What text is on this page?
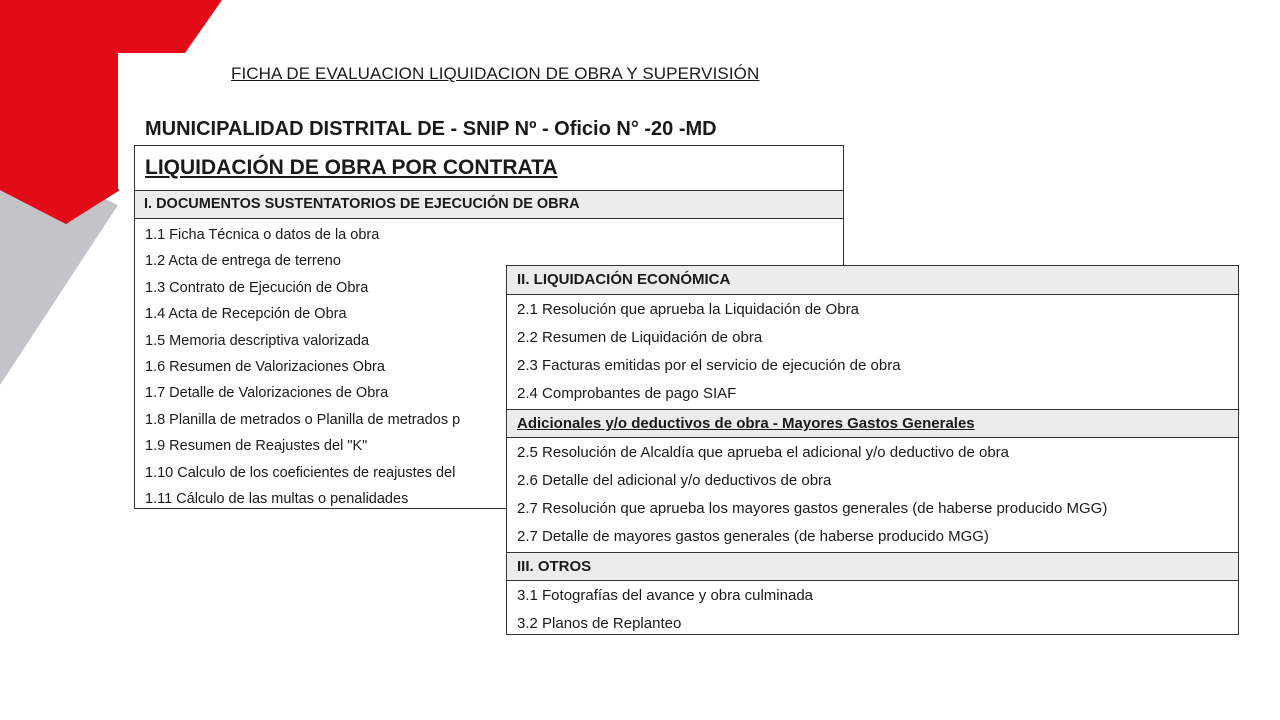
FICHA DE EVALUACION LIQUIDACION DE OBRA Y SUPERVISIÓN
MUNICIPALIDAD DISTRITAL DE - SNIP Nº - Oficio N° -20 -MD
LIQUIDACIÓN DE OBRA POR CONTRATA
I. DOCUMENTOS SUSTENTATORIOS DE EJECUCIÓN DE OBRA
1.1 Ficha Técnica o datos de la obra
1.2 Acta de entrega de terreno
1.3 Contrato de Ejecución de Obra
1.4 Acta de Recepción de Obra
1.5 Memoria descriptiva valorizada
1.6 Resumen de Valorizaciones Obra
1.7 Detalle de Valorizaciones de Obra
1.8 Planilla de metrados o Planilla de metrados p
1.9 Resumen de Reajustes del "K"
1.10 Calculo de los coeficientes de reajustes del
1.11 Cálculo de las multas o penalidades
II. LIQUIDACIÓN ECONÓMICA
2.1 Resolución que aprueba la Liquidación de Obra
2.2 Resumen de Liquidación de obra
2.3 Facturas emitidas por el servicio de ejecución de obra
2.4 Comprobantes de pago SIAF
Adicionales y/o deductivos de obra - Mayores Gastos Generales
2.5 Resolución de Alcaldía que aprueba el adicional y/o deductivo de obra
2.6 Detalle del adicional y/o deductivos de obra
2.7 Resolución que aprueba los mayores gastos generales (de haberse producido MGG)
2.7 Detalle de mayores gastos generales (de haberse producido MGG)
III. OTROS
3.1 Fotografías del avance y obra culminada
3.2 Planos de Replanteo
